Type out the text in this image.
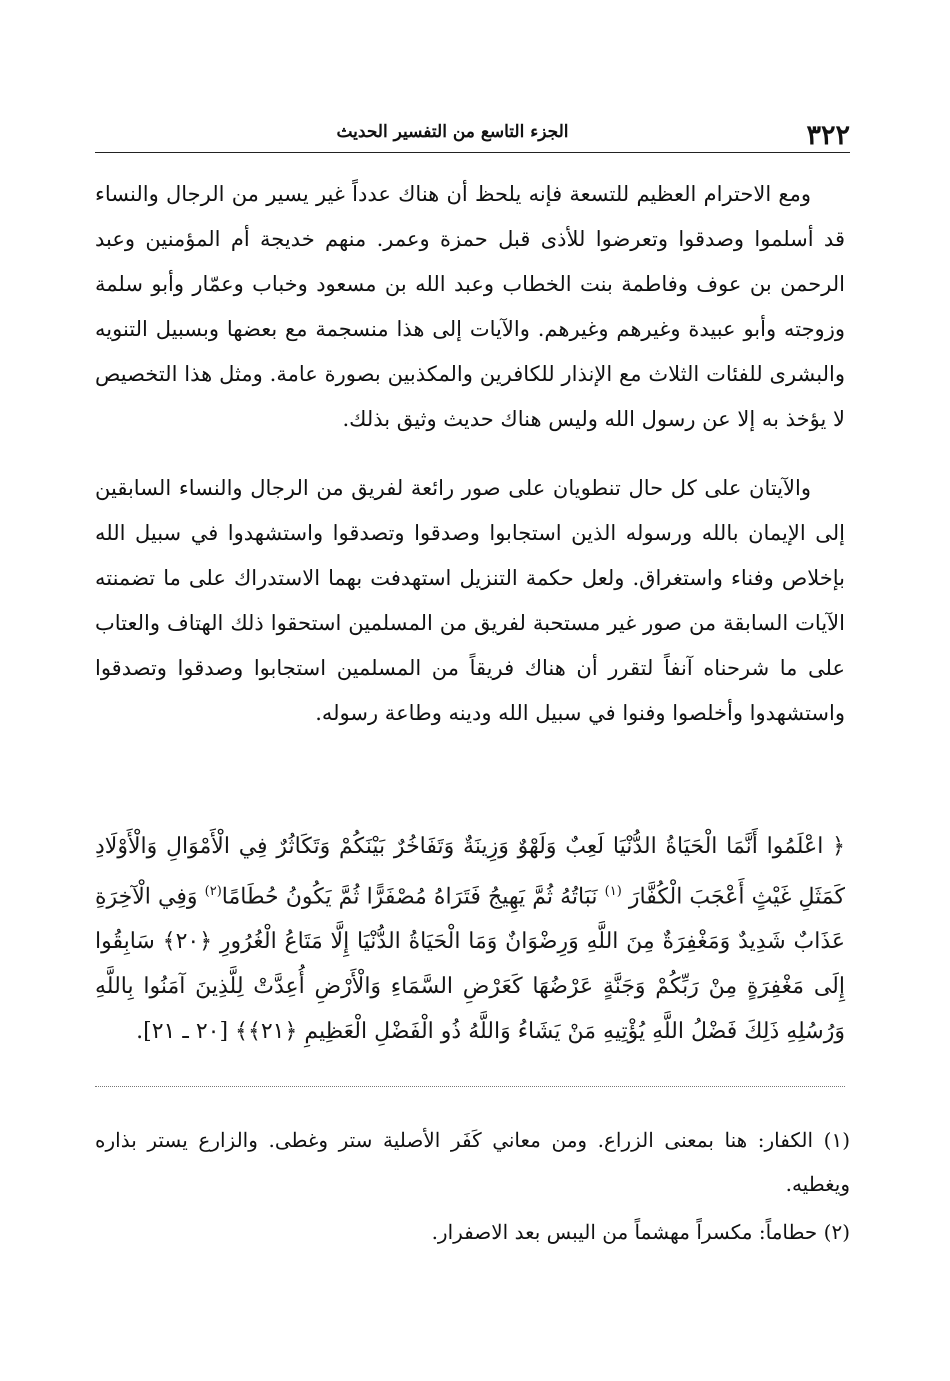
٣٢٢
الجزء التاسع من التفسير الحديث

ومع الاحترام العظيم للتسعة فإنه يلحظ أن هناك عدداً غير يسير من الرجال والنساء قد أسلموا وصدقوا وتعرضوا للأذى قبل حمزة وعمر. منهم خديجة أم المؤمنين وعبد الرحمن بن عوف وفاطمة بنت الخطاب وعبد الله بن مسعود وخباب وعمّار وأبو سلمة وزوجته وأبو عبيدة وغيرهم وغيرهم. والآيات إلى هذا منسجمة مع بعضها وبسبيل التنويه والبشرى للفئات الثلاث مع الإنذار للكافرين والمكذبين بصورة عامة. ومثل هذا التخصيص لا يؤخذ به إلا عن رسول الله وليس هناك حديث وثيق بذلك.

والآيتان على كل حال تنطويان على صور رائعة لفريق من الرجال والنساء السابقين إلى الإيمان بالله ورسوله الذين استجابوا وصدقوا وتصدقوا واستشهدوا في سبيل الله بإخلاص وفناء واستغراق. ولعل حكمة التنزيل استهدفت بهما الاستدراك على ما تضمنته الآيات السابقة من صور غير مستحبة لفريق من المسلمين استحقوا ذلك الهتاف والعتاب على ما شرحناه آنفاً لتقرر أن هناك فريقاً من المسلمين استجابوا وصدقوا وتصدقوا واستشهدوا وأخلصوا وفنوا في سبيل الله ودينه وطاعة رسوله.

﴿ اعْلَمُوا أَنَّمَا الْحَيَاةُ الدُّنْيَا لَعِبٌ وَلَهْوٌ وَزِينَةٌ وَتَفَاخُرٌ بَيْنَكُمْ وَتَكَاثُرٌ فِي الْأَمْوَالِ وَالْأَوْلَادِ كَمَثَلِ غَيْثٍ أَعْجَبَ الْكُفَّارَ $^{(١)}$ نَبَاتُهُ ثُمَّ يَهِيجُ فَتَرَاهُ مُصْفَرًّا ثُمَّ يَكُونُ حُطَامًا$^{(٢)}$ وَفِي الْآخِرَةِ عَذَابٌ شَدِيدٌ وَمَغْفِرَةٌ مِنَ اللَّهِ وَرِضْوَانٌ وَمَا الْحَيَاةُ الدُّنْيَا إِلَّا مَتَاعُ الْغُرُورِ ﴿٢٠﴾ سَابِقُوا إِلَى مَغْفِرَةٍ مِنْ رَبِّكُمْ وَجَنَّةٍ عَرْضُهَا كَعَرْضِ السَّمَاءِ وَالْأَرْضِ أُعِدَّتْ لِلَّذِينَ آمَنُوا بِاللَّهِ وَرُسُلِهِ ذَلِكَ فَضْلُ اللَّهِ يُؤْتِيهِ مَنْ يَشَاءُ وَاللَّهُ ذُو الْفَضْلِ الْعَظِيمِ ﴿٢١﴾﴾ [٢٠ ـ ٢١].

(١) الكفار: هنا بمعنى الزراع. ومن معاني كَفَر الأصلية ستر وغطى. والزارع يستر بذاره ويغطيه.

(٢) حطاماً: مكسراً مهشماً من اليبس بعد الاصفرار.
